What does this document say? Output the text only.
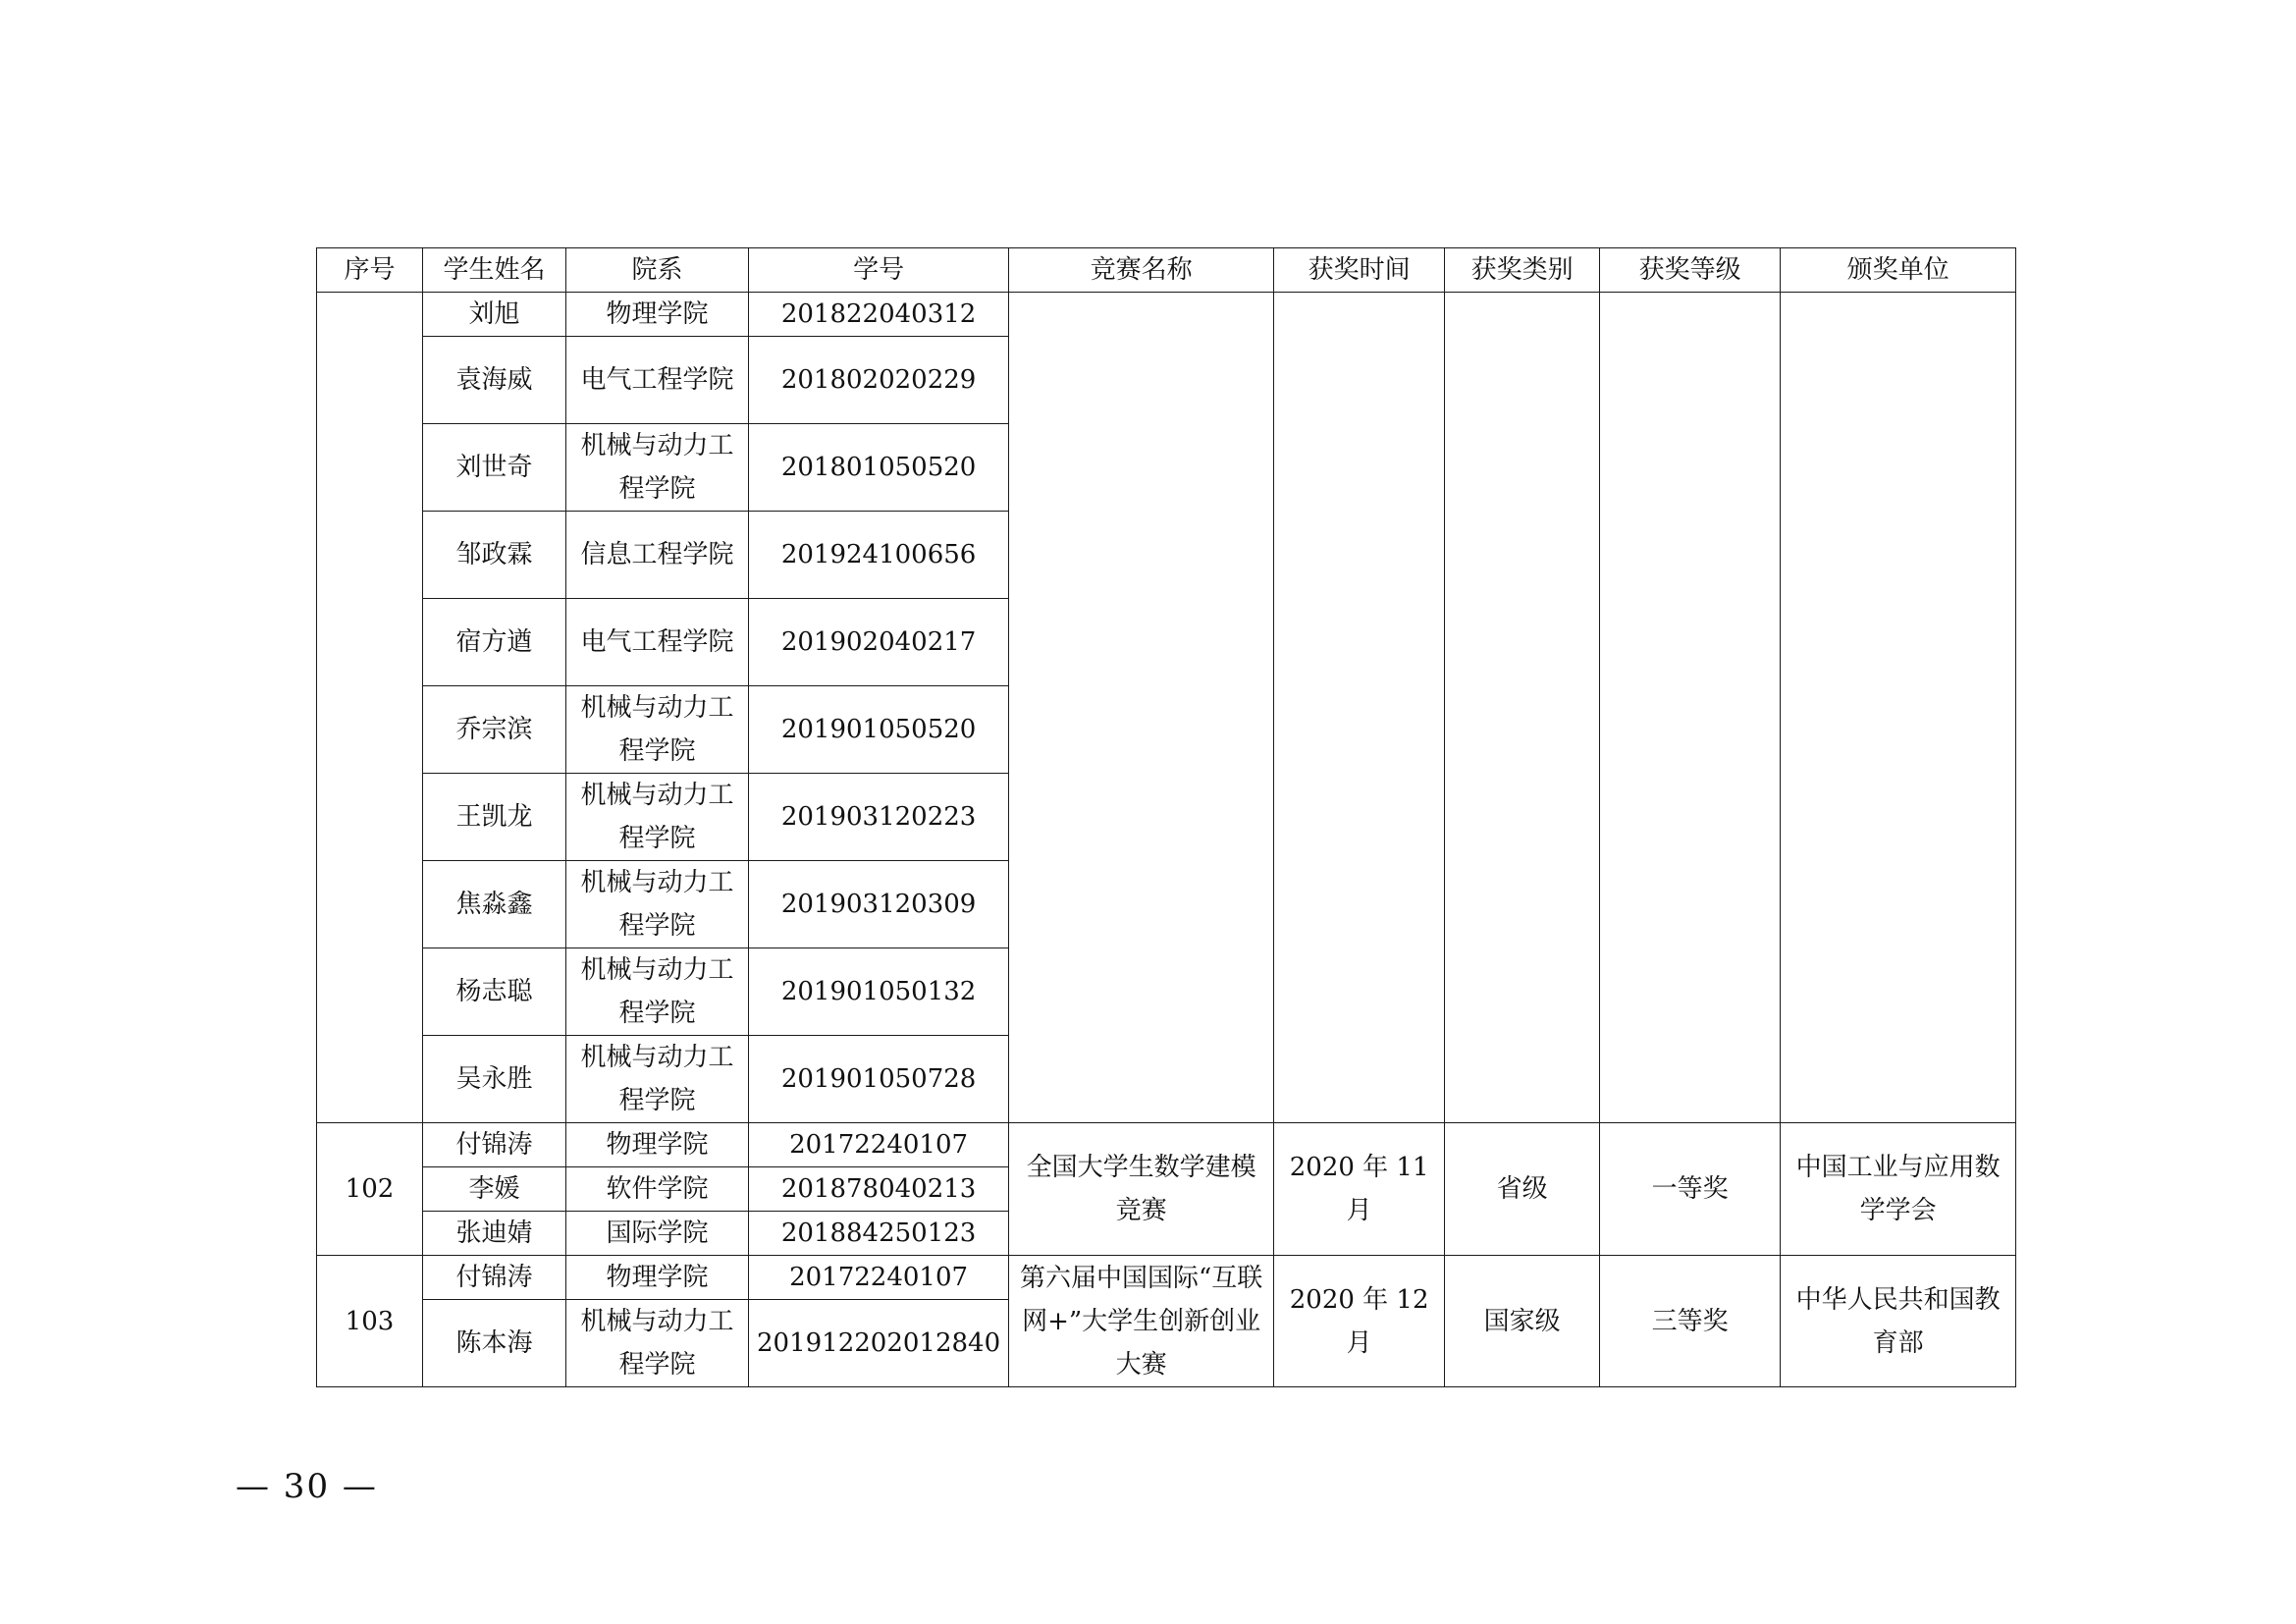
序号	学生姓名	院系	学号	竞赛名称	获奖时间	获奖类别	获奖等级	颁奖单位
	刘旭	物理学院	201822040312					
	袁海威	电气工程学院	201802020229					
	刘世奇	机械与动力工程学院	201801050520					
	邹政霖	信息工程学院	201924100656					
	宿方遒	电气工程学院	201902040217					
	乔宗滨	机械与动力工程学院	201901050520					
	王凯龙	机械与动力工程学院	201903120223					
	焦淼鑫	机械与动力工程学院	201903120309					
	杨志聪	机械与动力工程学院	201901050132					
	吴永胜	机械与动力工程学院	201901050728					
102	付锦涛	物理学院	20172240107	全国大学生数学建模竞赛	2020 年 11 月	省级	一等奖	中国工业与应用数学学会
	李媛	软件学院	201878040213					
	张迪婧	国际学院	201884250123					
103	付锦涛	物理学院	20172240107	第六届中国国际“互联网+”大学生创新创业大赛	2020 年 12 月	国家级	三等奖	中华人民共和国教育部
	陈本海	机械与动力工程学院	201912202012840					
— 30 —
